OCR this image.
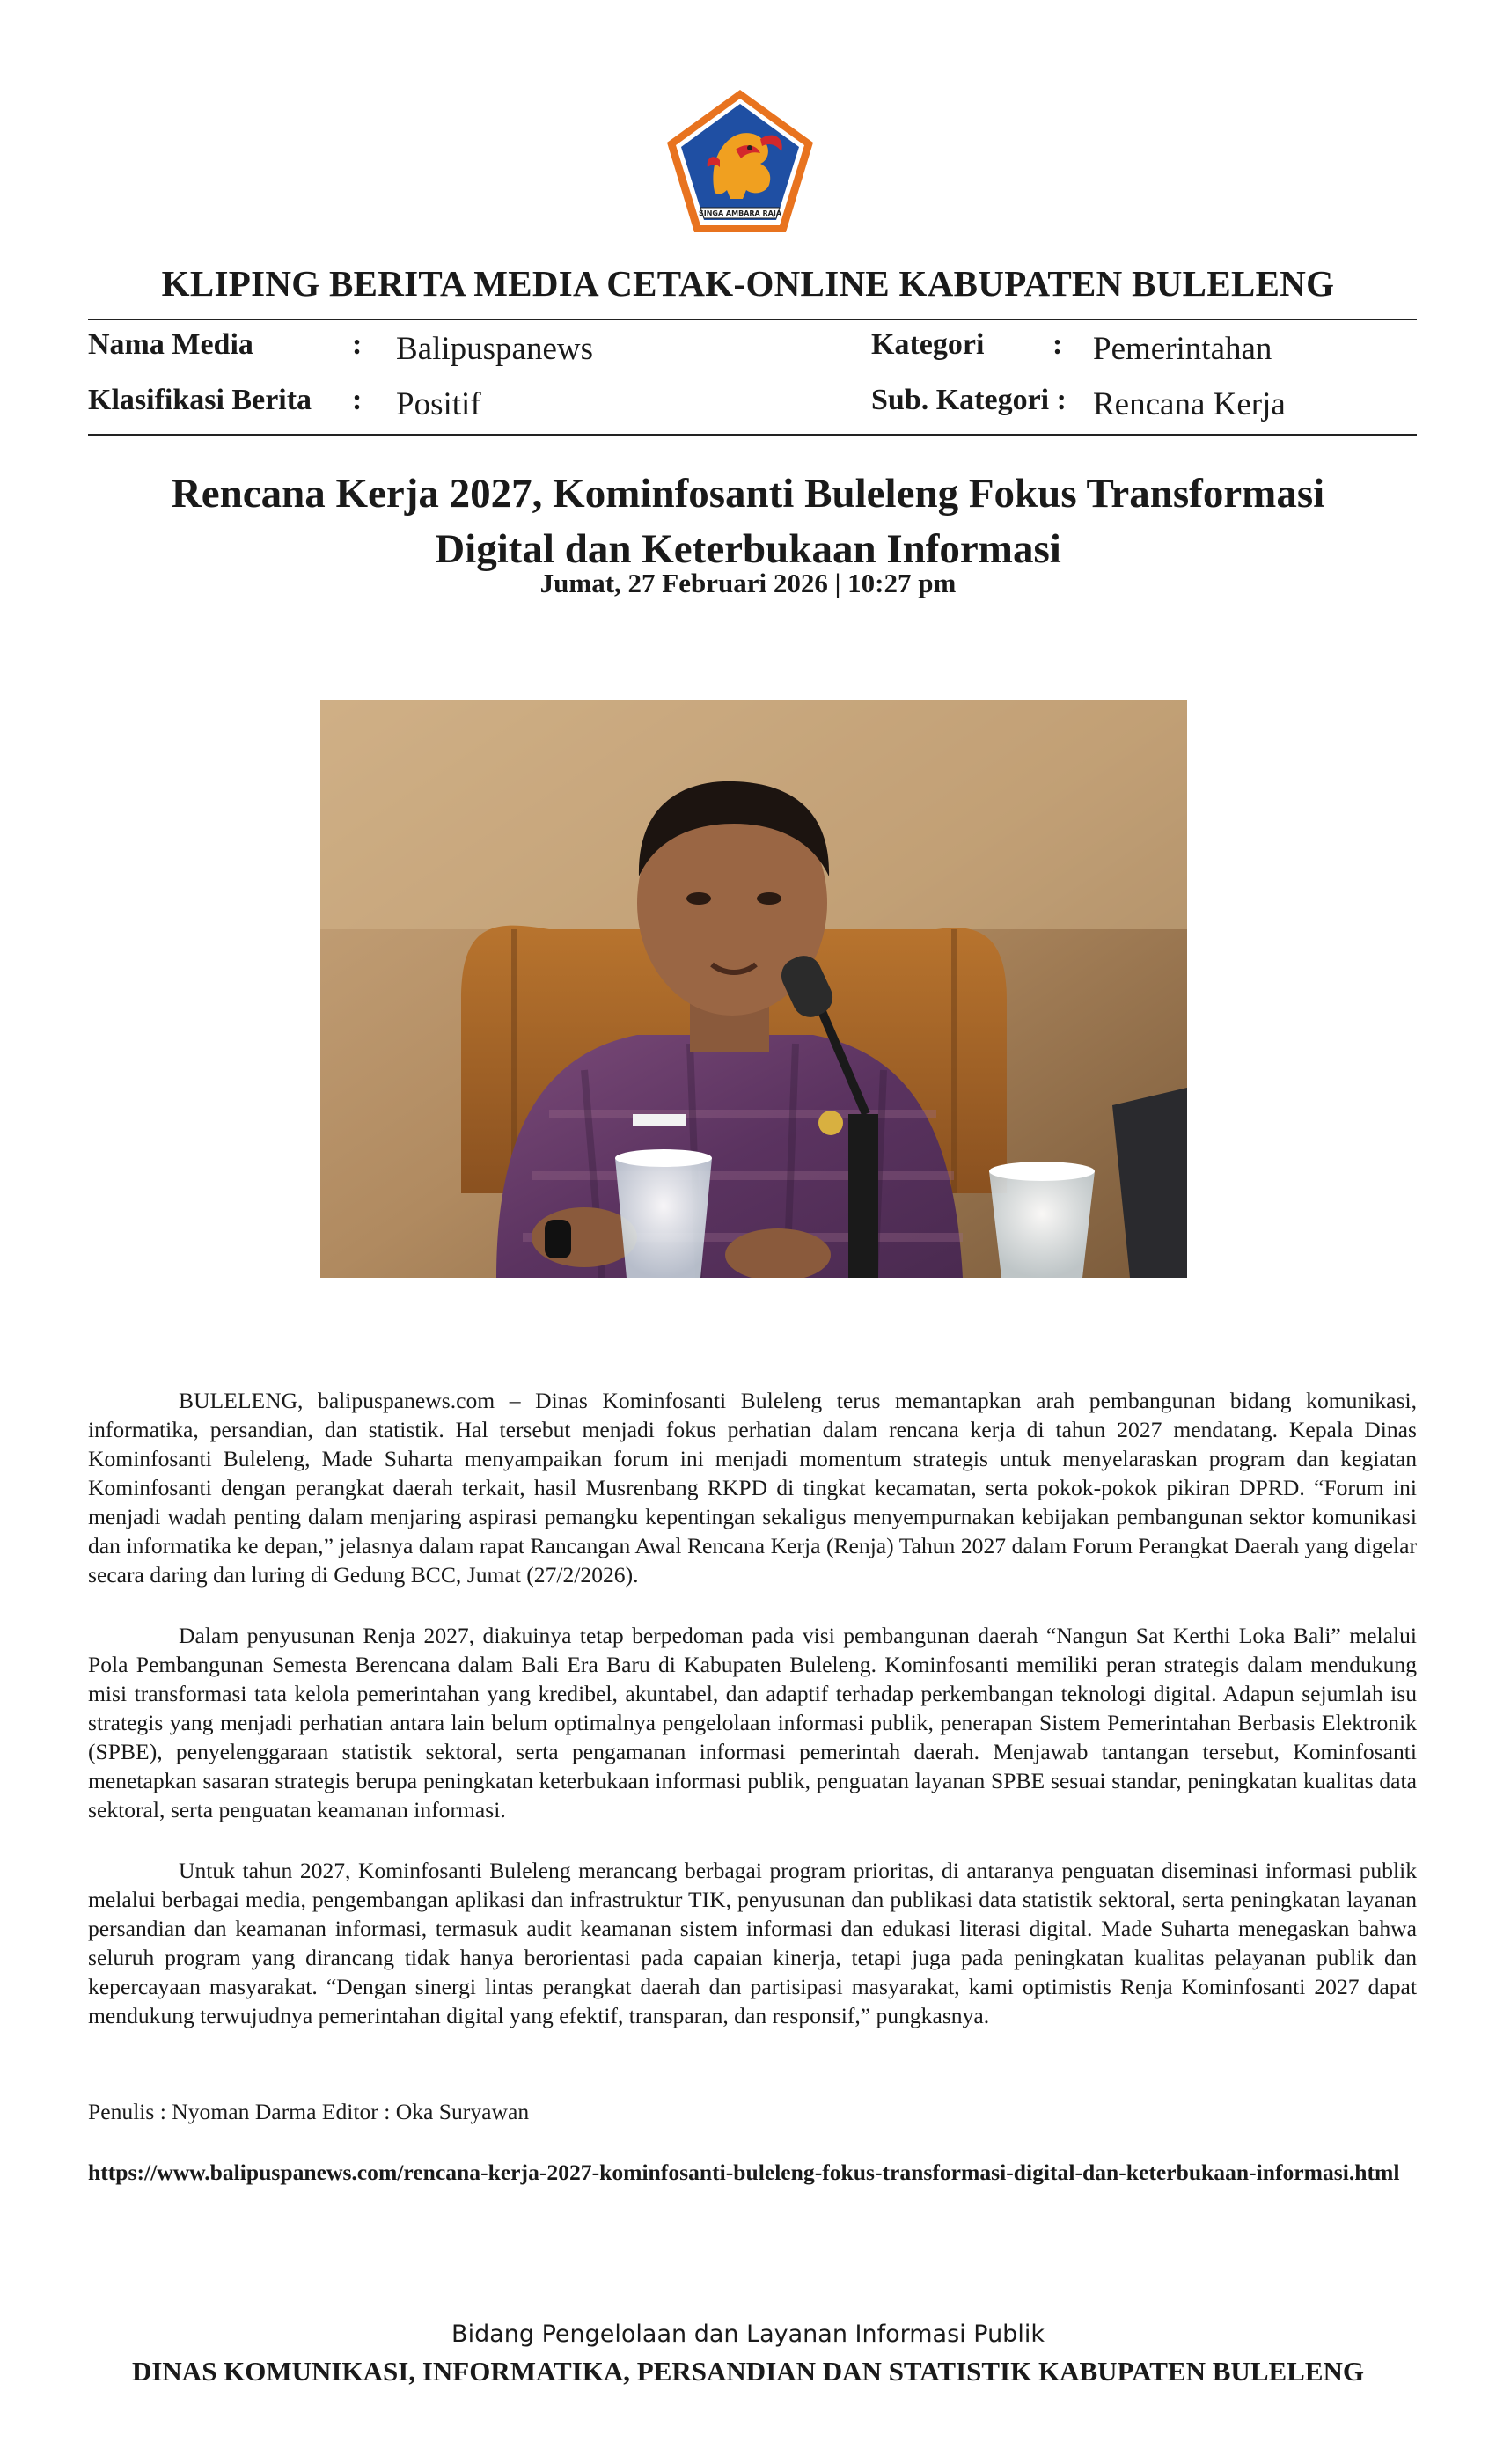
SINGA AMBARA RAJA
KLIPING BERITA MEDIA CETAK-ONLINE KABUPATEN BULELENG
Nama Media	: Balipuspanews	Kategori : Pemerintahan
Klasifikasi Berita : Positif	Sub. Kategori : Rencana Kerja
Rencana Kerja 2027, Kominfosanti Buleleng Fokus Transformasi Digital dan Keterbukaan Informasi
Jumat, 27 Februari 2026 | 10:27 pm

BULELENG, balipuspanews.com – Dinas Kominfosanti Buleleng terus memantapkan arah pembangunan bidang komunikasi, informatika, persandian, dan statistik. Hal tersebut menjadi fokus perhatian dalam rencana kerja di tahun 2027 mendatang. Kepala Dinas Kominfosanti Buleleng, Made Suharta menyampaikan forum ini menjadi momentum strategis untuk menyelaraskan program dan kegiatan Kominfosanti dengan perangkat daerah terkait, hasil Musrenbang RKPD di tingkat kecamatan, serta pokok-pokok pikiran DPRD. “Forum ini menjadi wadah penting dalam menjaring aspirasi pemangku kepentingan sekaligus menyempurnakan kebijakan pembangunan sektor komunikasi dan informatika ke depan,” jelasnya dalam rapat Rancangan Awal Rencana Kerja (Renja) Tahun 2027 dalam Forum Perangkat Daerah yang digelar secara daring dan luring di Gedung BCC, Jumat (27/2/2026).

Dalam penyusunan Renja 2027, diakuinya tetap berpedoman pada visi pembangunan daerah “Nangun Sat Kerthi Loka Bali” melalui Pola Pembangunan Semesta Berencana dalam Bali Era Baru di Kabupaten Buleleng. Kominfosanti memiliki peran strategis dalam mendukung misi transformasi tata kelola pemerintahan yang kredibel, akuntabel, dan adaptif terhadap perkembangan teknologi digital. Adapun sejumlah isu strategis yang menjadi perhatian antara lain belum optimalnya pengelolaan informasi publik, penerapan Sistem Pemerintahan Berbasis Elektronik (SPBE), penyelenggaraan statistik sektoral, serta pengamanan informasi pemerintah daerah. Menjawab tantangan tersebut, Kominfosanti menetapkan sasaran strategis berupa peningkatan keterbukaan informasi publik, penguatan layanan SPBE sesuai standar, peningkatan kualitas data sektoral, serta penguatan keamanan informasi.

Untuk tahun 2027, Kominfosanti Buleleng merancang berbagai program prioritas, di antaranya penguatan diseminasi informasi publik melalui berbagai media, pengembangan aplikasi dan infrastruktur TIK, penyusunan dan publikasi data statistik sektoral, serta peningkatan layanan persandian dan keamanan informasi, termasuk audit keamanan sistem informasi dan edukasi literasi digital. Made Suharta menegaskan bahwa seluruh program yang dirancang tidak hanya berorientasi pada capaian kinerja, tetapi juga pada peningkatan kualitas pelayanan publik dan kepercayaan masyarakat. “Dengan sinergi lintas perangkat daerah dan partisipasi masyarakat, kami optimistis Renja Kominfosanti 2027 dapat mendukung terwujudnya pemerintahan digital yang efektif, transparan, dan responsif,” pungkasnya.

Penulis : Nyoman Darma Editor : Oka Suryawan
https://www.balipuspanews.com/rencana-kerja-2027-kominfosanti-buleleng-fokus-transformasi-digital-dan-keterbukaan-informasi.html
Bidang Pengelolaan dan Layanan Informasi Publik
DINAS KOMUNIKASI, INFORMATIKA, PERSANDIAN DAN STATISTIK KABUPATEN BULELENG
